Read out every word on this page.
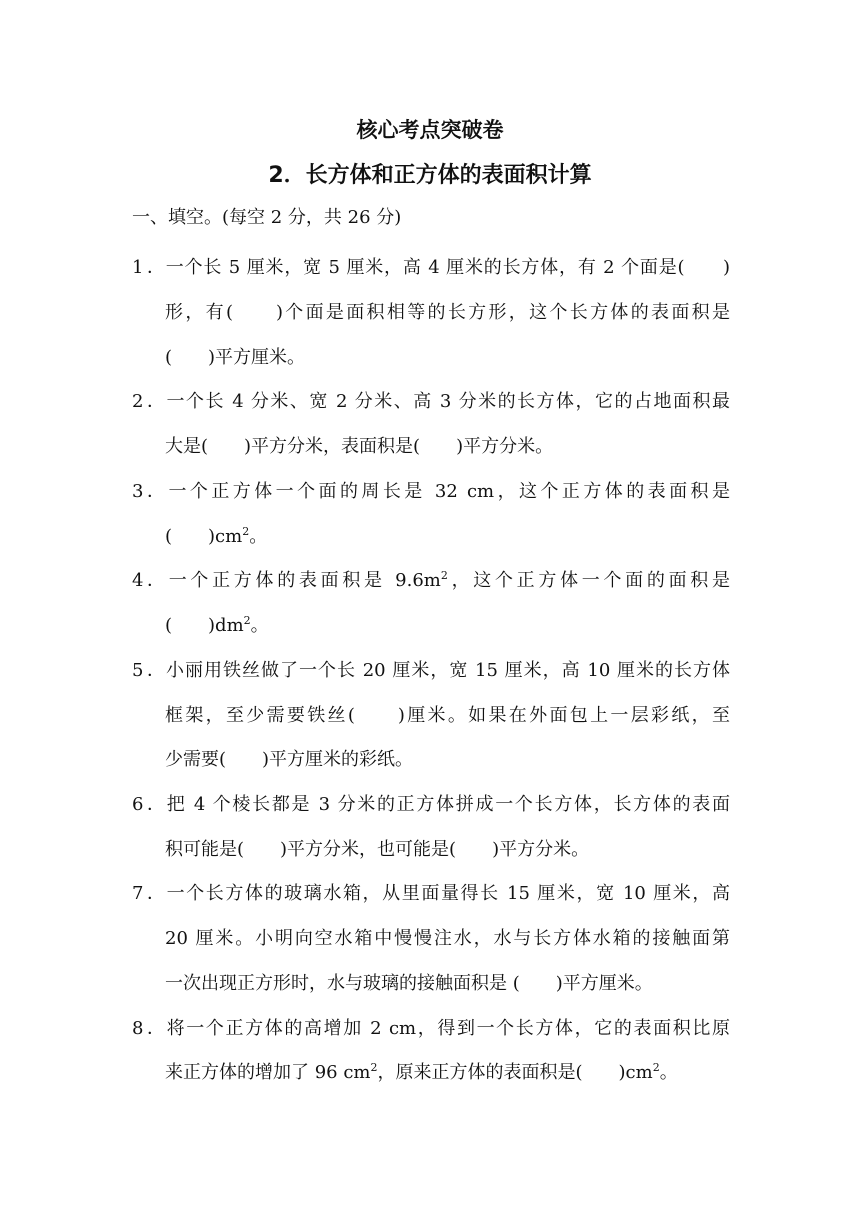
核心考点突破卷
2．长方体和正方体的表面积计算
一、填空。(每空 2 分，共 26 分)
1．一个长 5 厘米，宽 5 厘米，高 4 厘米的长方体，有 2 个面是(　　)
形，有(　　)个面是面积相等的长方形，这个长方体的表面积是
(　　)平方厘米。
2．一个长 4 分米、宽 2 分米、高 3 分米的长方体，它的占地面积最
大是(　　)平方分米，表面积是(　　)平方分米。
3．一个正方体一个面的周长是 32 cm，这个正方体的表面积是
(　　)$cm^2$。
4．一个正方体的表面积是 $9.6m^2$，这个正方体一个面的面积是
(　　)$dm^2$。
5．小丽用铁丝做了一个长 20 厘米，宽 15 厘米，高 10 厘米的长方体
框架，至少需要铁丝(　　)厘米。如果在外面包上一层彩纸，至
少需要(　　)平方厘米的彩纸。
6．把 4 个棱长都是 3 分米的正方体拼成一个长方体，长方体的表面
积可能是(　　)平方分米，也可能是(　　)平方分米。
7．一个长方体的玻璃水箱，从里面量得长 15 厘米，宽 10 厘米，高
20 厘米。小明向空水箱中慢慢注水，水与长方体水箱的接触面第
一次出现正方形时，水与玻璃的接触面积是 (　　)平方厘米。
8．将一个正方体的高增加 2 cm，得到一个长方体，它的表面积比原
来正方体的增加了 96 $cm^2$，原来正方体的表面积是(　　)$cm^2$。
